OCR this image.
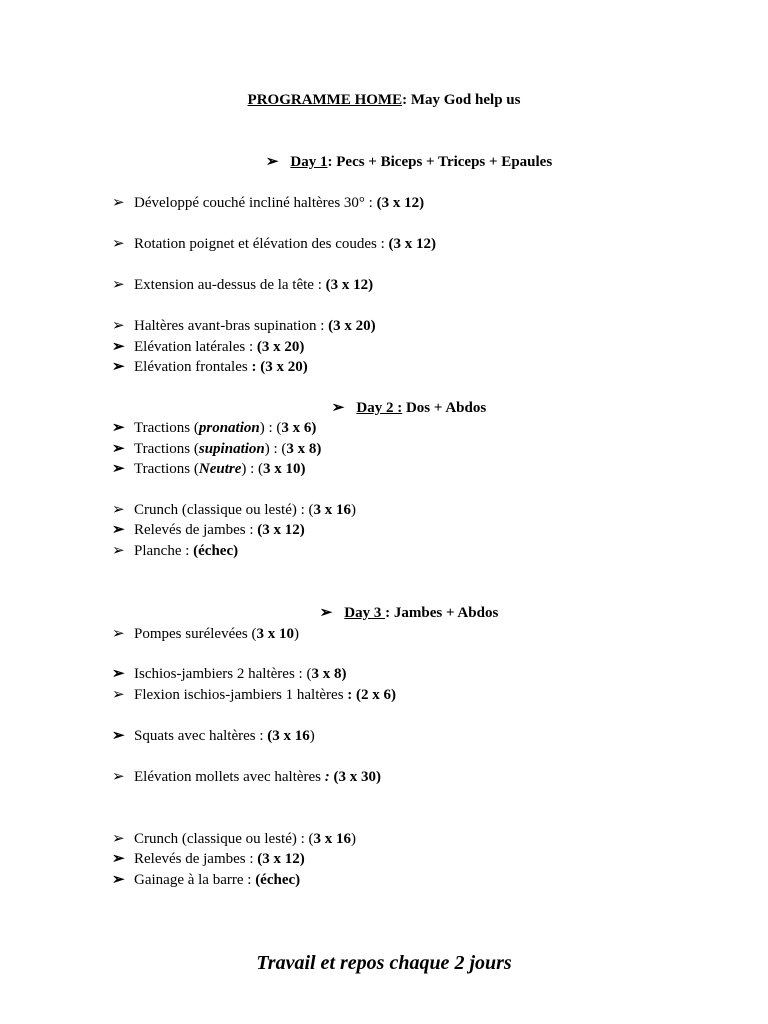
PROGRAMME HOME: May God help us
➢ Day 1: Pecs + Biceps + Triceps + Epaules
➢ Développé couché incliné haltères 30° : (3 x 12)
➢ Rotation poignet et élévation des coudes : (3 x 12)
➢ Extension au-dessus de la tête : (3 x 12)
➢ Haltères avant-bras supination : (3 x 20)
➢ Elévation latérales : (3 x 20)
➢ Elévation frontales : (3 x 20)
➢ Day 2 : Dos + Abdos
➢ Tractions (pronation) : (3 x 6)
➢ Tractions (supination) : (3 x 8)
➢ Tractions (Neutre) : (3 x 10)
➢ Crunch (classique ou lesté) : (3 x 16)
➢ Relevés de jambes : (3 x 12)
➢ Planche : (échec)
➢ Day 3 : Jambes + Abdos
➢ Pompes surélevées (3 x 10)
➢ Ischios-jambiers 2 haltères : (3 x 8)
➢ Flexion ischios-jambiers 1 haltères : (2 x 6)
➢ Squats avec haltères : (3 x 16)
➢ Elévation mollets avec haltères : (3 x 30)
➢ Crunch (classique ou lesté) : (3 x 16)
➢ Relevés de jambes : (3 x 12)
➢ Gainage à la barre : (échec)
Travail et repos chaque 2 jours
